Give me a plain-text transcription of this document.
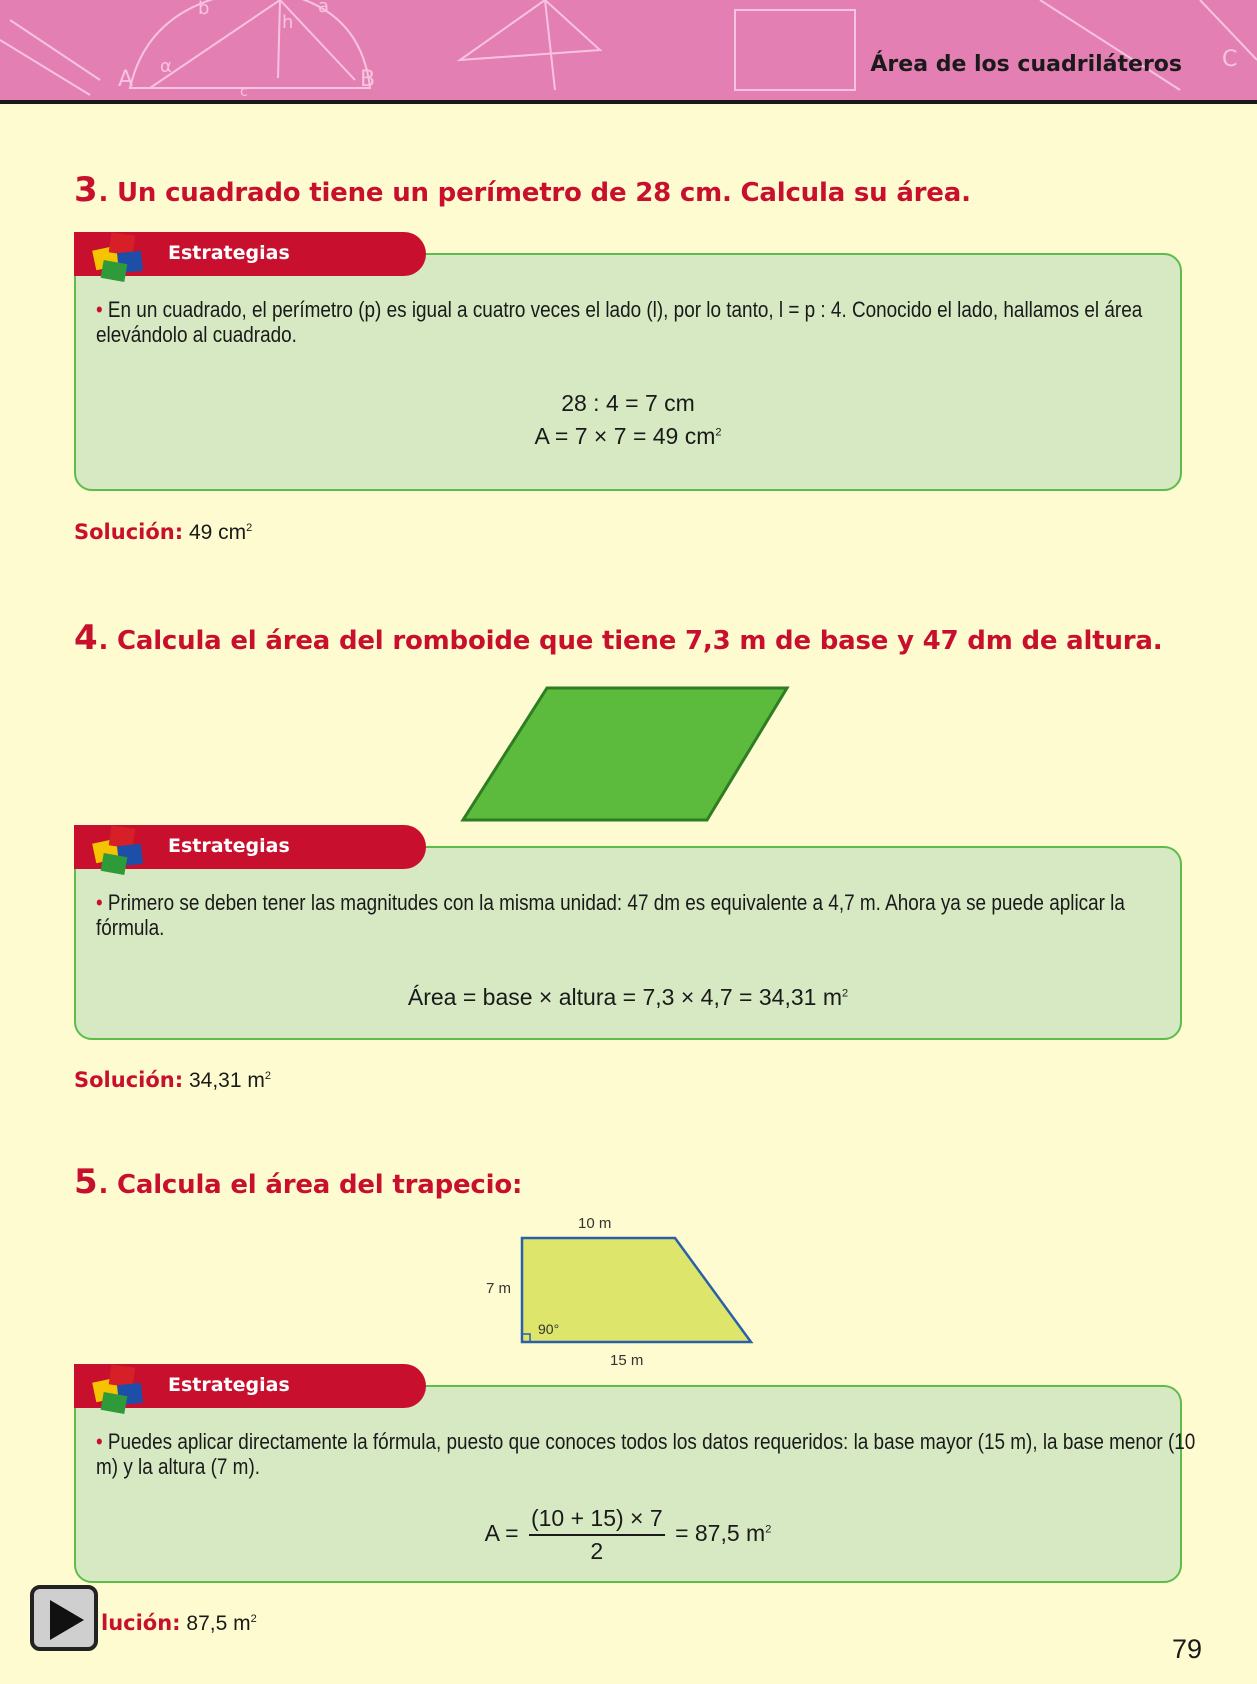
b	a
h
A
α	C
B
c
Área de los cuadriláteros
3. Un cuadrado tiene un perímetro de 28 cm. Calcula su área.
• En un cuadrado, el perímetro (p) es igual a cuatro veces el lado (l), por lo tanto, l = p : 4. Conocido el lado, hallamos el área elevándolo al cuadrado.
28 : 4 = 7 cm
A = 7 × 7 = 49 $cm^2$
Estrategias
Solución: 49 $cm^2$
4. Calcula el área del romboide que tiene 7,3 m de base y 47 dm de altura.
• Primero se deben tener las magnitudes con la misma unidad: 47 dm es equivalente a 4,7 m. Ahora ya se puede aplicar la fórmula.
Área = base × altura = 7,3 × 4,7 = 34,31 $m^2$
Estrategias
Solución: 34,31 $m^2$
5. Calcula el área del trapecio:
10 m
7 m
90°
15 m
• Puedes aplicar directamente la fórmula, puesto que conoces todos los datos requeridos: la base mayor (15 m), la base menor (10 m) y la altura (7 m).
$A = \frac{(10 + 15) \times 7}{2} = 87,5$ $m^2$
Estrategias
lución: 87,5 $m^2$
79
